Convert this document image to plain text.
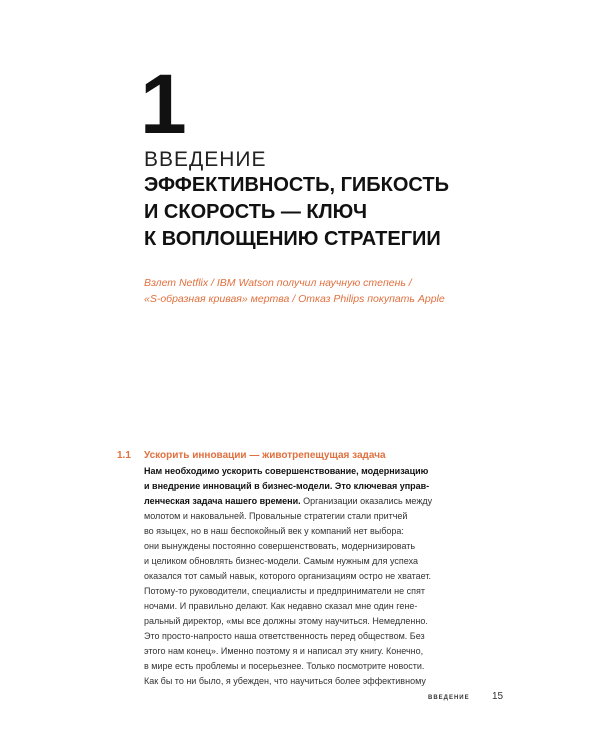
1
ВВЕДЕНИЕ
ЭФФЕКТИВНОСТЬ, ГИБКОСТЬ
И СКОРОСТЬ — КЛЮЧ
К ВОПЛОЩЕНИЮ СТРАТЕГИИ
Взлет Netflix / IBM Watson получил научную степень /
«S-образная кривая» мертва / Отказ Philips покупать Apple
1.1 Ускорить инновации — животрепещущая задача
Нам необходимо ускорить совершенствование, модернизацию
и внедрение инноваций в бизнес-модели. Это ключевая управ-
ленческая задача нашего времени. Организации оказались между
молотом и наковальней. Провальные стратегии стали притчей
во языцех, но в наш беспокойный век у компаний нет выбора:
они вынуждены постоянно совершенствовать, модернизировать
и целиком обновлять бизнес-модели. Самым нужным для успеха
оказался тот самый навык, которого организациям остро не хватает.
Потому-то руководители, специалисты и предприниматели не спят
ночами. И правильно делают. Как недавно сказал мне один гене-
ральный директор, «мы все должны этому научиться. Немедленно.
Это просто-напросто наша ответственность перед обществом. Без
этого нам конец». Именно поэтому я и написал эту книгу. Конечно,
в мире есть проблемы и посерьезнее. Только посмотрите новости.
Как бы то ни было, я убежден, что научиться более эффективному
ВВЕДЕНИЕ 15
